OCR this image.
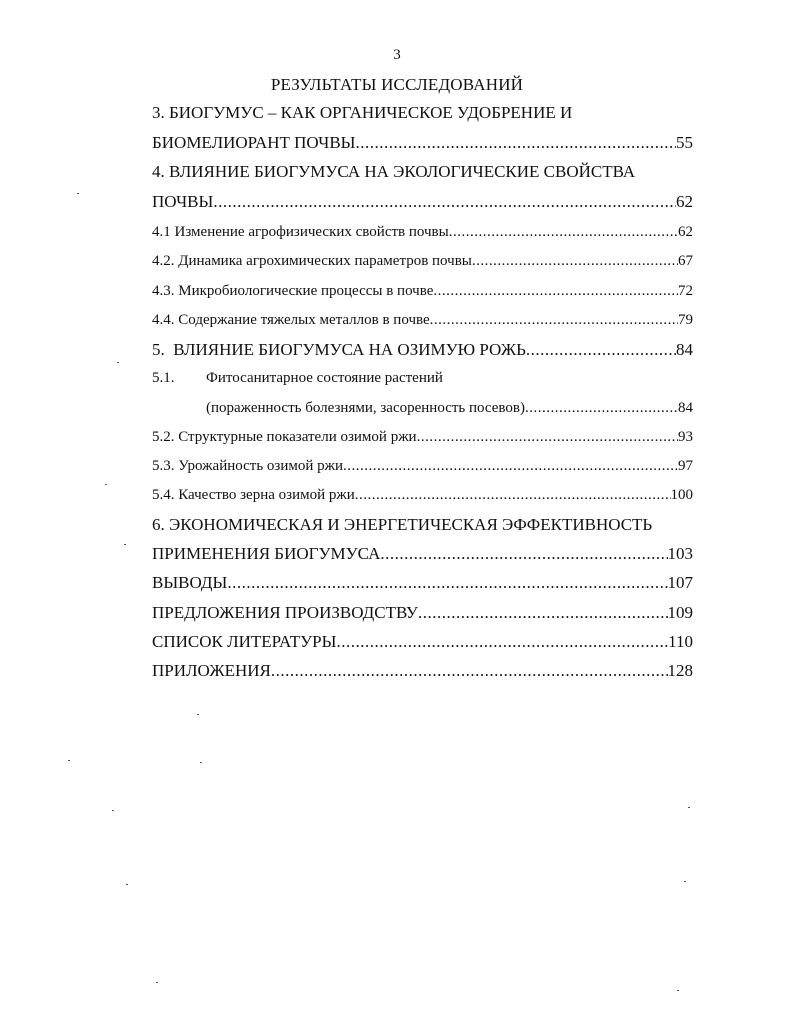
3
РЕЗУЛЬТАТЫ ИССЛЕДОВАНИЙ
3. БИОГУМУС – КАК ОРГАНИЧЕСКОЕ УДОБРЕНИЕ И
БИОМЕЛИОРАНТ ПОЧВЫ .....	55
4. ВЛИЯНИЕ БИОГУМУСА НА ЭКОЛОГИЧЕСКИЕ СВОЙСТВА
ПОЧВЫ .....	62
4.1 Изменение агрофизических свойств почвы .....	62
4.2. Динамика агрохимических параметров почвы .....	67
4.3. Микробиологические процессы в почве .....	72
4.4. Содержание тяжелых металлов в почве .....	79
5.  ВЛИЯНИЕ БИОГУМУСА НА ОЗИМУЮ РОЖЬ .....	84
5.1.	Фитосанитарное состояние растений
(пораженность болезнями, засоренность посевов) .....	84
5.2. Структурные показатели озимой ржи .....	93
5.3. Урожайность озимой ржи .....	97
5.4. Качество зерна озимой ржи .....	100
6. ЭКОНОМИЧЕСКАЯ И ЭНЕРГЕТИЧЕСКАЯ ЭФФЕКТИВНОСТЬ
ПРИМЕНЕНИЯ БИОГУМУСА .....	103
ВЫВОДЫ .....	107
ПРЕДЛОЖЕНИЯ ПРОИЗВОДСТВУ .....	109
СПИСОК ЛИТЕРАТУРЫ .....	110
ПРИЛОЖЕНИЯ .....	128
